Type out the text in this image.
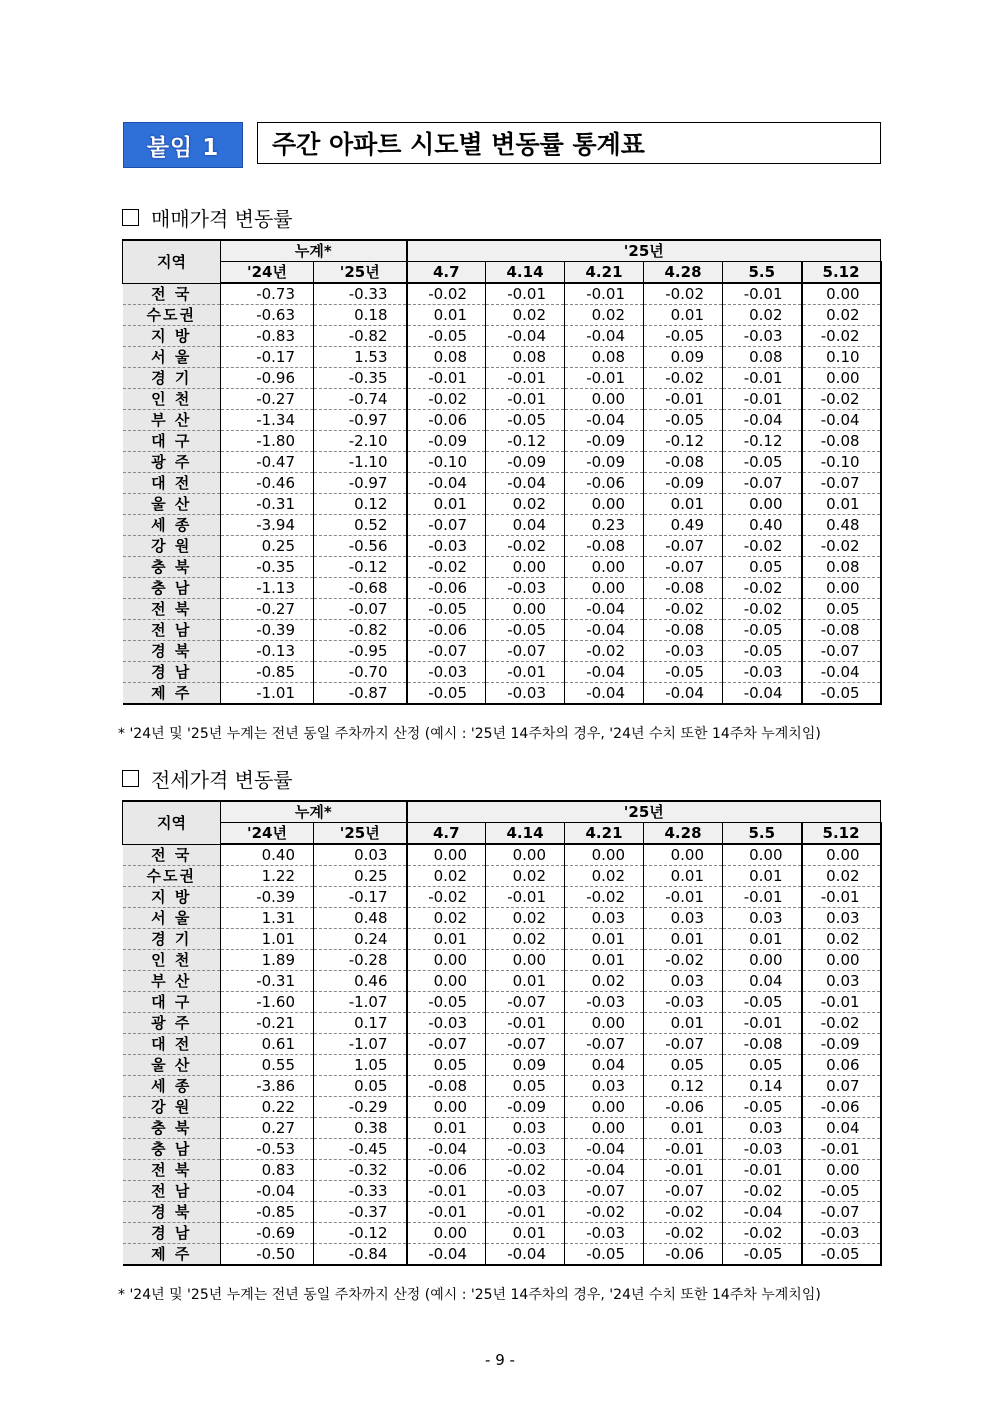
붙임 1	주간 아파트 시도별 변동률 통계표
매매가격 변동률
지역	누계*		'25년					
	'24년	'25년	4.7	4.14	4.21	4.28	5.5	5.12
전 국	-0.73	-0.33	-0.02	-0.01	-0.01	-0.02	-0.01	0.00
수도권	-0.63	0.18	0.01	0.02	0.02	0.01	0.02	0.02
지 방	-0.83	-0.82	-0.05	-0.04	-0.04	-0.05	-0.03	-0.02
서 울	-0.17	1.53	0.08	0.08	0.08	0.09	0.08	0.10
경 기	-0.96	-0.35	-0.01	-0.01	-0.01	-0.02	-0.01	0.00
인 천	-0.27	-0.74	-0.02	-0.01	0.00	-0.01	-0.01	-0.02
부 산	-1.34	-0.97	-0.06	-0.05	-0.04	-0.05	-0.04	-0.04
대 구	-1.80	-2.10	-0.09	-0.12	-0.09	-0.12	-0.12	-0.08
광 주	-0.47	-1.10	-0.10	-0.09	-0.09	-0.08	-0.05	-0.10
대 전	-0.46	-0.97	-0.04	-0.04	-0.06	-0.09	-0.07	-0.07
울 산	-0.31	0.12	0.01	0.02	0.00	0.01	0.00	0.01
세 종	-3.94	0.52	-0.07	0.04	0.23	0.49	0.40	0.48
강 원	0.25	-0.56	-0.03	-0.02	-0.08	-0.07	-0.02	-0.02
충 북	-0.35	-0.12	-0.02	0.00	0.00	-0.07	0.05	0.08
충 남	-1.13	-0.68	-0.06	-0.03	0.00	-0.08	-0.02	0.00
전 북	-0.27	-0.07	-0.05	0.00	-0.04	-0.02	-0.02	0.05
전 남	-0.39	-0.82	-0.06	-0.05	-0.04	-0.08	-0.05	-0.08
경 북	-0.13	-0.95	-0.07	-0.07	-0.02	-0.03	-0.05	-0.07
경 남	-0.85	-0.70	-0.03	-0.01	-0.04	-0.05	-0.03	-0.04
제 주	-1.01	-0.87	-0.05	-0.03	-0.04	-0.04	-0.04	-0.05
* '24년 및 '25년 누계는 전년 동일 주차까지 산정 (예시 : '25년 14주차의 경우, '24년 수치 또한 14주차 누계치임)
전세가격 변동률
지역	누계*		'25년					
	'24년	'25년	4.7	4.14	4.21	4.28	5.5	5.12
전 국	0.40	0.03	0.00	0.00	0.00	0.00	0.00	0.00
수도권	1.22	0.25	0.02	0.02	0.02	0.01	0.01	0.02
지 방	-0.39	-0.17	-0.02	-0.01	-0.02	-0.01	-0.01	-0.01
서 울	1.31	0.48	0.02	0.02	0.03	0.03	0.03	0.03
경 기	1.01	0.24	0.01	0.02	0.01	0.01	0.01	0.02
인 천	1.89	-0.28	0.00	0.00	0.01	-0.02	0.00	0.00
부 산	-0.31	0.46	0.00	0.01	0.02	0.03	0.04	0.03
대 구	-1.60	-1.07	-0.05	-0.07	-0.03	-0.03	-0.05	-0.01
광 주	-0.21	0.17	-0.03	-0.01	0.00	0.01	-0.01	-0.02
대 전	0.61	-1.07	-0.07	-0.07	-0.07	-0.07	-0.08	-0.09
울 산	0.55	1.05	0.05	0.09	0.04	0.05	0.05	0.06
세 종	-3.86	0.05	-0.08	0.05	0.03	0.12	0.14	0.07
강 원	0.22	-0.29	0.00	-0.09	0.00	-0.06	-0.05	-0.06
충 북	0.27	0.38	0.01	0.03	0.00	0.01	0.03	0.04
충 남	-0.53	-0.45	-0.04	-0.03	-0.04	-0.01	-0.03	-0.01
전 북	0.83	-0.32	-0.06	-0.02	-0.04	-0.01	-0.01	0.00
전 남	-0.04	-0.33	-0.01	-0.03	-0.07	-0.07	-0.02	-0.05
경 북	-0.85	-0.37	-0.01	-0.01	-0.02	-0.02	-0.04	-0.07
경 남	-0.69	-0.12	0.00	0.01	-0.03	-0.02	-0.02	-0.03
제 주	-0.50	-0.84	-0.04	-0.04	-0.05	-0.06	-0.05	-0.05
* '24년 및 '25년 누계는 전년 동일 주차까지 산정 (예시 : '25년 14주차의 경우, '24년 수치 또한 14주차 누계치임)
- 9 -
